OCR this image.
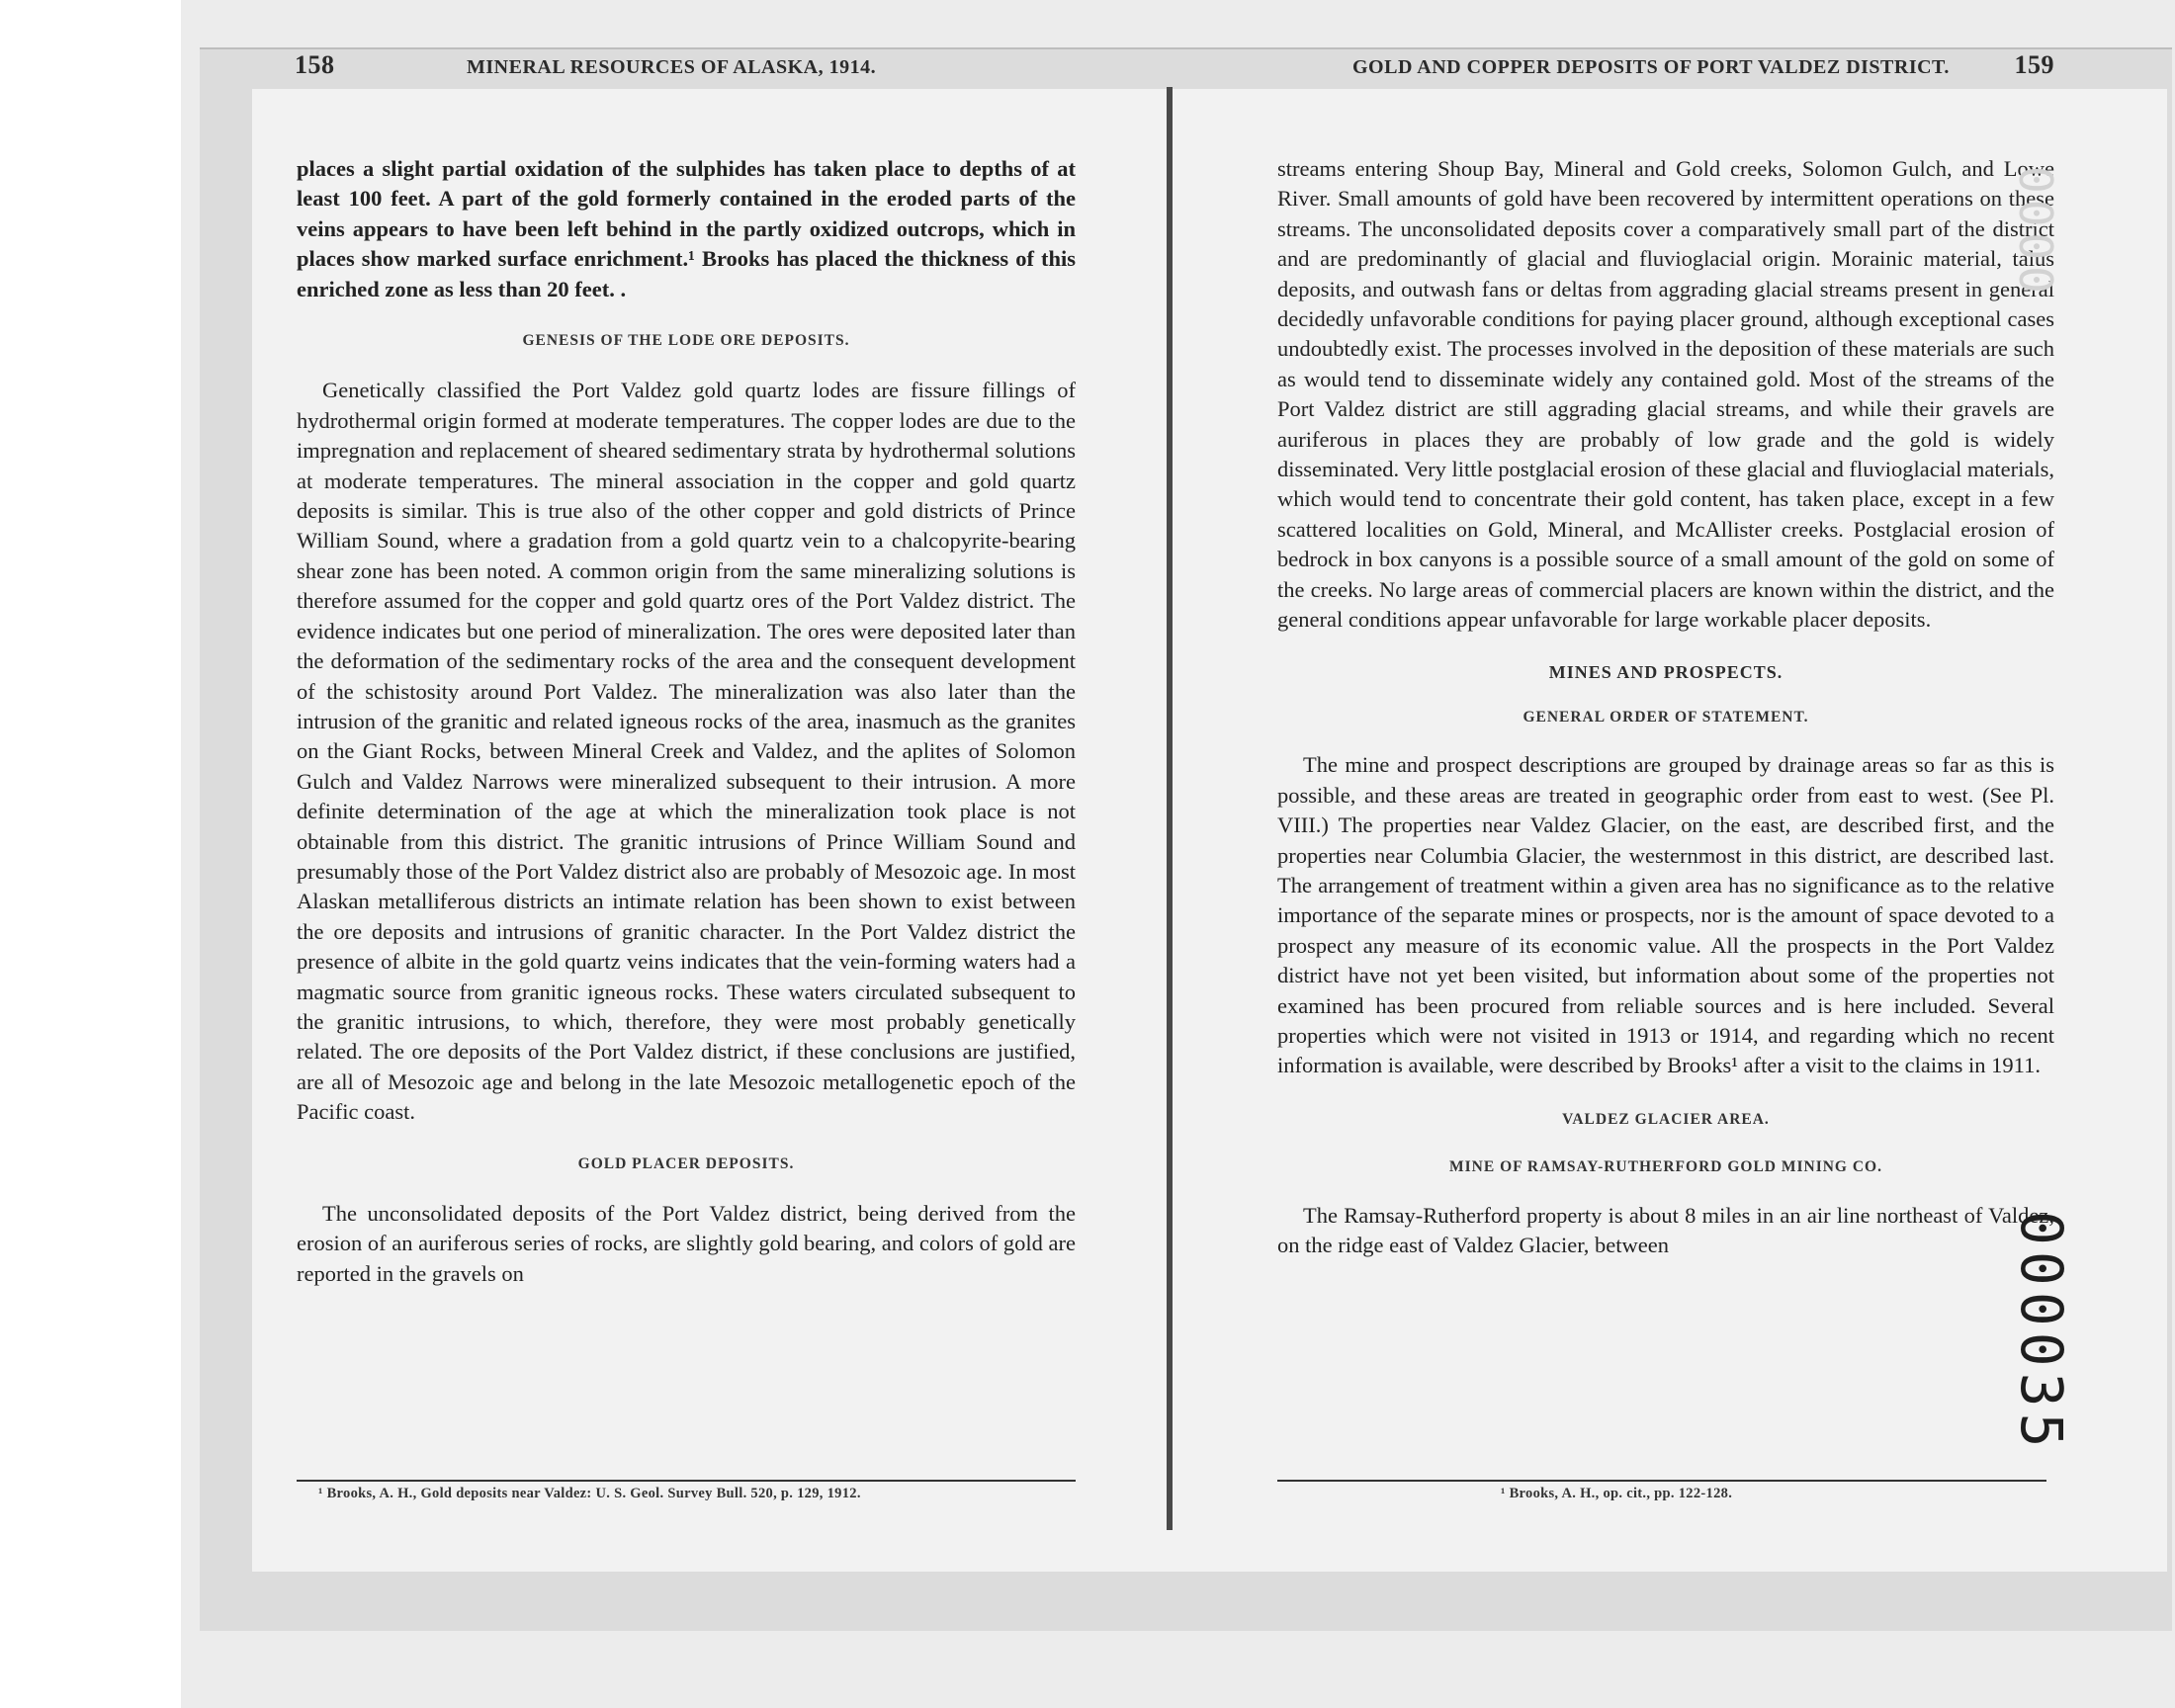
158	MINERAL RESOURCES OF ALASKA, 1914.	GOLD AND COPPER DEPOSITS OF PORT VALDEZ DISTRICT.	159

places a slight partial oxidation of the sulphides has taken place to depths of at least 100 feet. A part of the gold formerly contained in the eroded parts of the veins appears to have been left behind in the partly oxidized outcrops, which in places show marked surface enrichment.¹ Brooks has placed the thickness of this enriched zone as less than 20 feet. .

GENESIS OF THE LODE ORE DEPOSITS.

Genetically classified the Port Valdez gold quartz lodes are fissure fillings of hydrothermal origin formed at moderate temperatures. The copper lodes are due to the impregnation and replacement of sheared sedimentary strata by hydrothermal solutions at moderate temperatures. The mineral association in the copper and gold quartz deposits is similar. This is true also of the other copper and gold districts of Prince William Sound, where a gradation from a gold quartz vein to a chalcopyrite-bearing shear zone has been noted. A common origin from the same mineralizing solutions is therefore assumed for the copper and gold quartz ores of the Port Valdez district. The evidence indicates but one period of mineralization. The ores were deposited later than the deformation of the sedimentary rocks of the area and the consequent development of the schistosity around Port Valdez. The mineralization was also later than the intrusion of the granitic and related igneous rocks of the area, inasmuch as the granites on the Giant Rocks, between Mineral Creek and Valdez, and the aplites of Solomon Gulch and Valdez Narrows were mineralized subsequent to their intrusion. A more definite determination of the age at which the mineralization took place is not obtainable from this district. The granitic intrusions of Prince William Sound and presumably those of the Port Valdez district also are probably of Mesozoic age. In most Alaskan metalliferous districts an intimate relation has been shown to exist between the ore deposits and intrusions of granitic character. In the Port Valdez district the presence of albite in the gold quartz veins indicates that the vein-forming waters had a magmatic source from granitic igneous rocks. These waters circulated subsequent to the granitic intrusions, to which, therefore, they were most probably genetically related. The ore deposits of the Port Valdez district, if these conclusions are justified, are all of Mesozoic age and belong in the late Mesozoic metallogenetic epoch of the Pacific coast.

GOLD PLACER DEPOSITS.

The unconsolidated deposits of the Port Valdez district, being derived from the erosion of an auriferous series of rocks, are slightly gold bearing, and colors of gold are reported in the gravels on

¹ Brooks, A. H., Gold deposits near Valdez: U. S. Geol. Survey Bull. 520, p. 129, 1912.

streams entering Shoup Bay, Mineral and Gold creeks, Solomon Gulch, and Lowe River. Small amounts of gold have been recovered by intermittent operations on these streams. The unconsolidated deposits cover a comparatively small part of the district and are predominantly of glacial and fluvioglacial origin. Morainic material, talus deposits, and outwash fans or deltas from aggrading glacial streams present in general decidedly unfavorable conditions for paying placer ground, although exceptional cases undoubtedly exist. The processes involved in the deposition of these materials are such as would tend to disseminate widely any contained gold. Most of the streams of the Port Valdez district are still aggrading glacial streams, and while their gravels are auriferous in places they are probably of low grade and the gold is widely disseminated. Very little postglacial erosion of these glacial and fluvioglacial materials, which would tend to concentrate their gold content, has taken place, except in a few scattered localities on Gold, Mineral, and McAllister creeks. Postglacial erosion of bedrock in box canyons is a possible source of a small amount of the gold on some of the creeks. No large areas of commercial placers are known within the district, and the general conditions appear unfavorable for large workable placer deposits.

MINES AND PROSPECTS.
GENERAL ORDER OF STATEMENT.

The mine and prospect descriptions are grouped by drainage areas so far as this is possible, and these areas are treated in geographic order from east to west. (See Pl. VIII.) The properties near Valdez Glacier, on the east, are described first, and the properties near Columbia Glacier, the westernmost in this district, are described last. The arrangement of treatment within a given area has no significance as to the relative importance of the separate mines or prospects, nor is the amount of space devoted to a prospect any measure of its economic value. All the prospects in the Port Valdez district have not yet been visited, but information about some of the properties not examined has been procured from reliable sources and is here included. Several properties which were not visited in 1913 or 1914, and regarding which no recent information is available, were described by Brooks¹ after a visit to the claims in 1911.

VALDEZ GLACIER AREA.
MINE OF RAMSAY-RUTHERFORD GOLD MINING CO.

The Ramsay-Rutherford property is about 8 miles in an air line northeast of Valdez, on the ridge east of Valdez Glacier, between

¹ Brooks, A. H., op. cit., pp. 122-128.
000035
0000
